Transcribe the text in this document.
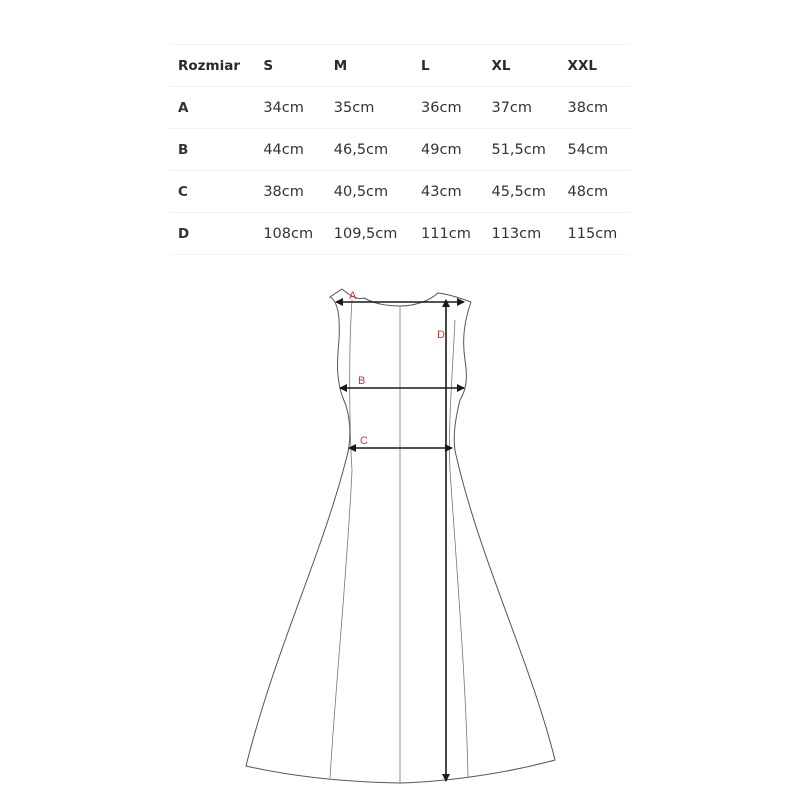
Rozmiar	S	M	L	XL	XXL
A	34cm	35cm	36cm	37cm	38cm
B	44cm	46,5cm	49cm	51,5cm	54cm
C	38cm	40,5cm	43cm	45,5cm	48cm
D	108cm	109,5cm	111cm	113cm	115cm
A
B
C
D
